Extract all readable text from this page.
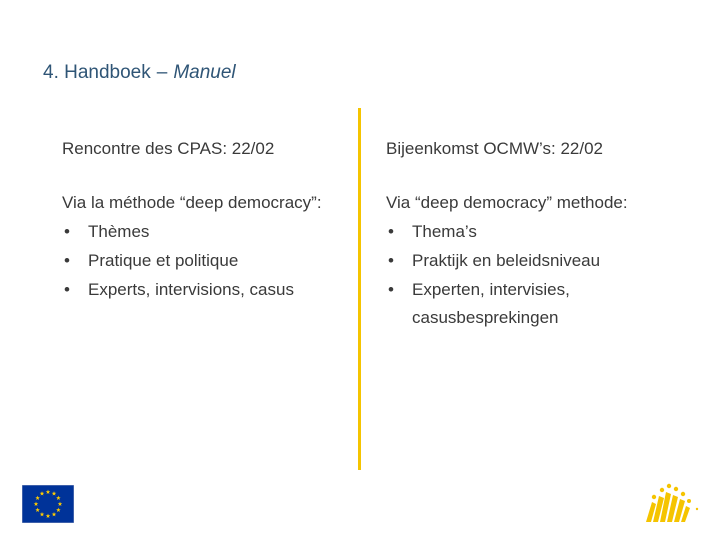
4. Handboek – Manuel
Rencontre des CPAS: 22/02

Via la méthode “deep democracy”:

• Thèmes
• Pratique et politique
• Experts, intervisions, casus
Bijeenkomst OCMW’s: 22/02

Via “deep democracy” methode:

• Thema’s
• Praktijk en beleidsniveau
• Experten, intervisies, casusbesprekingen
